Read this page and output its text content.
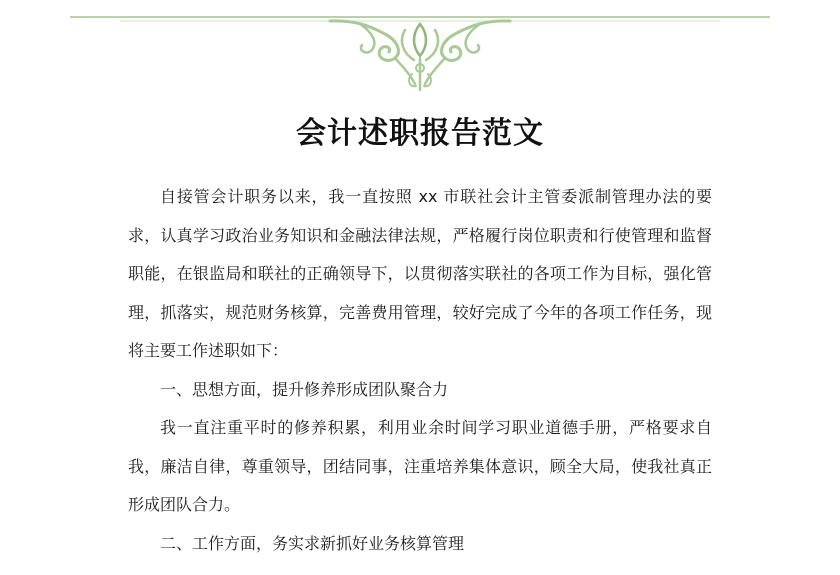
会计述职报告范文

自接管会计职务以来，我一直按照 xx 市联社会计主管委派制管理办法的要求，认真学习政治业务知识和金融法律法规，严格履行岗位职责和行使管理和监督职能，在银监局和联社的正确领导下，以贯彻落实联社的各项工作为目标，强化管理，抓落实，规范财务核算，完善费用管理，较好完成了今年的各项工作任务，现将主要工作述职如下：

一、思想方面，提升修养形成团队聚合力

我一直注重平时的修养积累，利用业余时间学习职业道德手册，严格要求自我，廉洁自律，尊重领导，团结同事，注重培养集体意识，顾全大局，使我社真正形成团队合力。

二、工作方面，务实求新抓好业务核算管理
